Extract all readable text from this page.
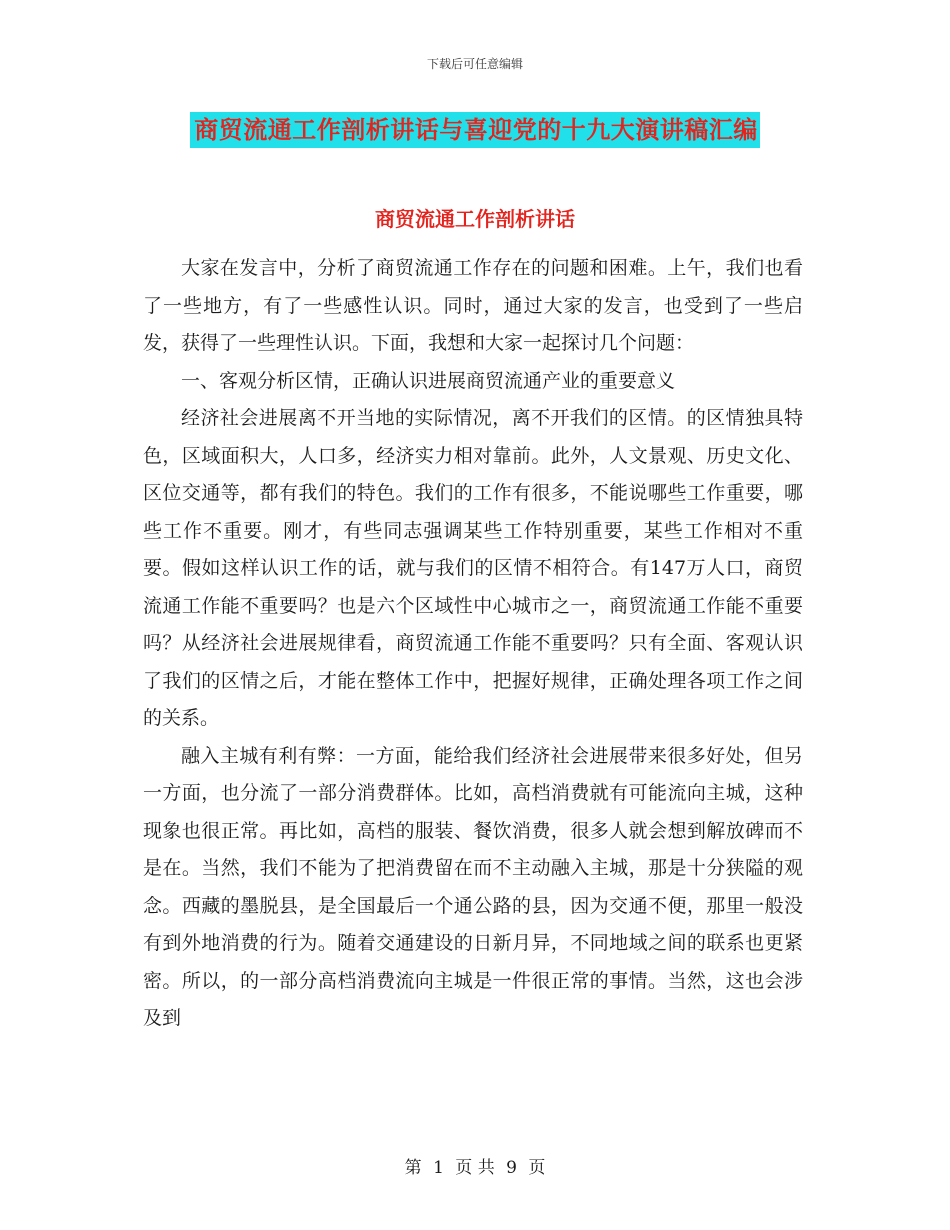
下载后可任意编辑
商贸流通工作剖析讲话与喜迎党的十九大演讲稿汇编
商贸流通工作剖析讲话

大家在发言中，分析了商贸流通工作存在的问题和困难。上午，我们也看了一些地方，有了一些感性认识。同时，通过大家的发言，也受到了一些启发，获得了一些理性认识。下面，我想和大家一起探讨几个问题：

一、客观分析区情，正确认识进展商贸流通产业的重要意义

经济社会进展离不开当地的实际情况，离不开我们的区情。的区情独具特色，区域面积大，人口多，经济实力相对靠前。此外，人文景观、历史文化、区位交通等，都有我们的特色。我们的工作有很多，不能说哪些工作重要，哪些工作不重要。刚才，有些同志强调某些工作特别重要，某些工作相对不重要。假如这样认识工作的话，就与我们的区情不相符合。有147万人口，商贸流通工作能不重要吗？也是六个区域性中心城市之一，商贸流通工作能不重要吗？从经济社会进展规律看，商贸流通工作能不重要吗？只有全面、客观认识了我们的区情之后，才能在整体工作中，把握好规律，正确处理各项工作之间的关系。

融入主城有利有弊：一方面，能给我们经济社会进展带来很多好处，但另一方面，也分流了一部分消费群体。比如，高档消费就有可能流向主城，这种现象也很正常。再比如，高档的服装、餐饮消费，很多人就会想到解放碑而不是在。当然，我们不能为了把消费留在而不主动融入主城，那是十分狭隘的观念。西藏的墨脱县，是全国最后一个通公路的县，因为交通不便，那里一般没有到外地消费的行为。随着交通建设的日新月异，不同地域之间的联系也更紧密。所以，的一部分高档消费流向主城是一件很正常的事情。当然，这也会涉及到

第 1 页 共 9 页
